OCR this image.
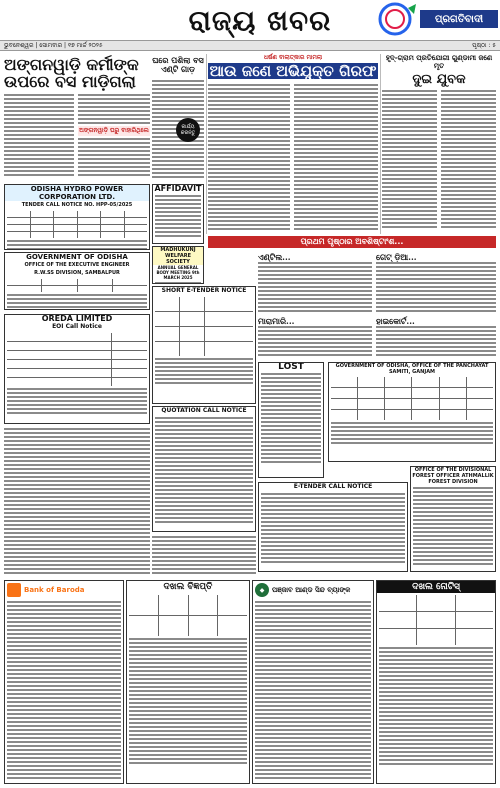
ରାଜ୍ୟ ଖବର	ପ୍ରଗତିବାଦୀ
ଭୁବନେଶ୍ୱର | ସୋମବାର | ୧୭ ମାର୍ଚ୍ଚ ୨୦୨୫	ପୃଷ୍ଠା : ୫
ଅଙ୍ଗନୱାଡ଼ି କର୍ମୀଙ୍କ ଉପରେ ବସ ମାଡ଼ିଗଲା
ଅଙ୍ଗନୱାଡ଼ି ଘରୁ ବାହାରିଥିଲେ
ଘରେ ପଶିଲା ବସ ଏଣ୍ଟି ଗାଡ଼
କାର୍ଯ୍ୟ କରନ୍ତୁ
ଧର୍ଷଣ ବାଲାତ୍କାର ମାମଲା
ଆଉ ଜଣେ ଅଭିଯୁକ୍ତ ଗିରଫ
ହୃଦ୍-ଗ୍ରାମ ପ୍ରତିଯୋଗୀ ଗୁଣ୍ଡାମୀ ଜଣେ ମୃତ
ଦୁଇ ଯୁବକ
ODISHA HYDRO POWER CORPORATION LTD.
TENDER CALL NOTICE NO. HPP-05/2025
AFFIDAVIT
MADHUKUNJ WELFARE SOCIETY
ANNUAL GENERAL BODY MEETING 9th MARCH 2025
GOVERNMENT OF ODISHA
OFFICE OF THE EXECUTIVE ENGINEER
R.W.SS DIVISION, SAMBALPUR
SHORT E-TENDER NOTICE
ପ୍ରଥମ ପୃଷ୍ଠାର ଅବଶିଷ୍ଟାଂଶ...
ଏଣ୍ଟିଲ...	ଗେଟ୍ ଡ଼ିଆ...
ମାରାମାରି...	ହାଇକୋର୍ଟ...
OREDA LIMITED
EOI Call Notice
LOST	GOVERNMENT OF ODISHA, OFFICE OF THE PANCHAYAT SAMITI, GANJAM
QUOTATION CALL NOTICE
E-TENDER CALL NOTICE
OFFICE OF THE DIVISIONAL FOREST OFFICER ATHMALLIK FOREST DIVISION
Bank of Baroda	ଦଖଲ ବିଜ୍ଞପ୍ତି	◆	ପଞ୍ଜାବ ଆଣ୍ଡ ସିନ୍ଦ ବ୍ୟାଙ୍କ	ଦଖଲ ନୋଟିସ୍
